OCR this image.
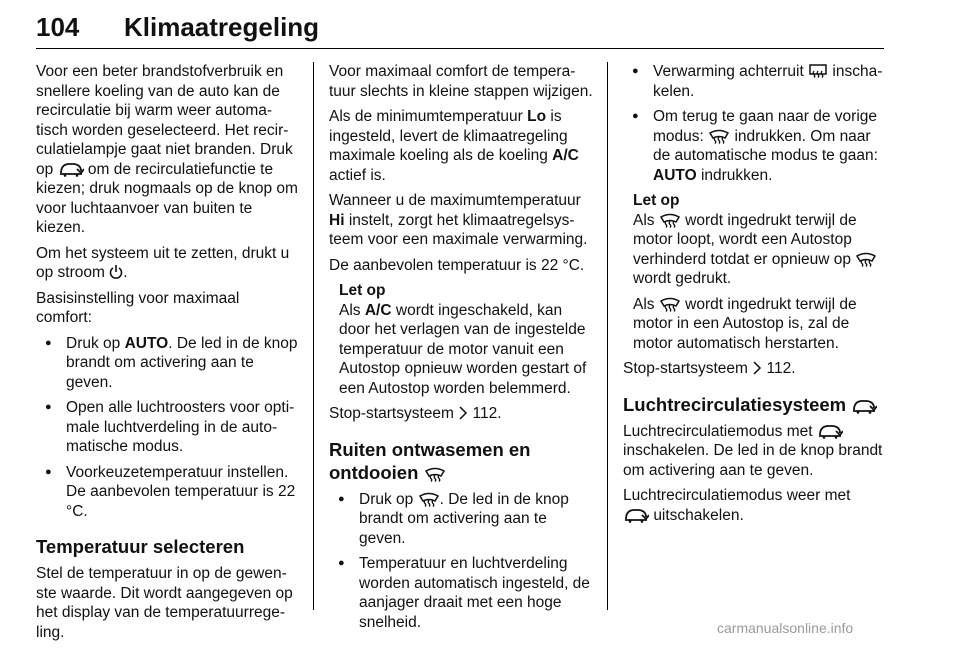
104 Klimaatregeling

Voor een beter brandstofverbruik en snellere koeling van de auto kan de recirculatie bij warm weer automatisch worden geselecteerd. Het recirculatielampje gaat niet branden. Druk op om de recirculatiefunctie te kiezen; druk nogmaals op de knop om voor luchtaanvoer van buiten te kiezen.

Om het systeem uit te zetten, drukt u op stroom .

Basisinstelling voor maximaal comfort:

● Druk op AUTO. De led in de knop brandt om activering aan te geven.
● Open alle luchtroosters voor optimale luchtverdeling in de automatische modus.
● Voorkeuzetemperatuur instellen. De aanbevolen temperatuur is 22 °C.
Temperatuur selecteren

Stel de temperatuur in op de gewenste waarde. Dit wordt aangegeven op het display van de temperatuurregeling.

Voor maximaal comfort de temperatuur slechts in kleine stappen wijzigen.

Als de minimumtemperatuur Lo is ingesteld, levert de klimaatregeling maximale koeling als de koeling A/C actief is.

Wanneer u de maximumtemperatuur Hi instelt, zorgt het klimaatregelsysteem voor een maximale verwarming.

De aanbevolen temperatuur is 22 °C.

Let op

Als A/C wordt ingeschakeld, kan door het verlagen van de ingestelde temperatuur de motor vanuit een Autostop opnieuw worden gestart of een Autostop worden belemmerd.

Stop-startsysteem 112.

Ruiten ontwasemen en ontdooien
● Druk op . De led in de knop brandt om activering aan te geven.
● Temperatuur en luchtverdeling worden automatisch ingesteld, de aanjager draait met een hoge snelheid.
● Verwarming achterruit inschakelen.
● Om terug te gaan naar de vorige modus: indrukken. Om naar de automatische modus te gaan: AUTO indrukken.

Let op

Als wordt ingedrukt terwijl de motor loopt, wordt een Autostop verhinderd totdat er opnieuw op  wordt gedrukt.

Als wordt ingedrukt terwijl de motor in een Autostop is, zal de motor automatisch herstarten.

Stop-startsysteem 112.

Luchtrecirculatiesysteem

Luchtrecirculatiemodus met  inschakelen. De led in de knop brandt om activering aan te geven.

Luchtrecirculatiemodus weer met
uitschakelen.

carmanualsonline.info
